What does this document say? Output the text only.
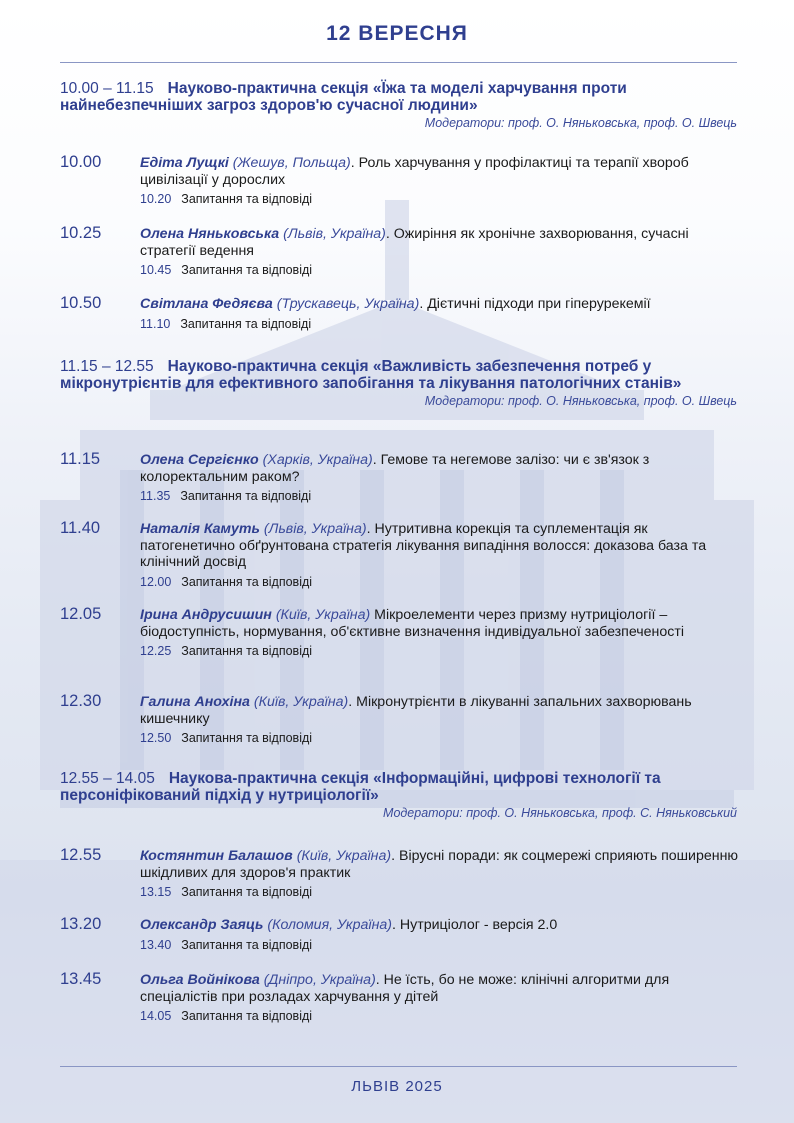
12 ВЕРЕСНЯ
10.00 – 11.15 Науково-практична секція «Їжа та моделі харчування проти найнебезпечніших загроз здоров'ю сучасної людини»
Модератори: проф. О. Няньковська, проф. О. Швець
10.00	Едіта Лущкі (Жешув, Польща). Роль харчування у профілактиці та терапії хвороб цивілізації у дорослих
10.20 Запитання та відповіді
10.25	Олена Няньковська (Львів, Україна). Ожиріння як хронічне захворювання, сучасні стратегії ведення
10.45 Запитання та відповіді
10.50	Світлана Федяєва (Трускавець, Україна). Дієтичні підходи при гіперурекемії
11.10 Запитання та відповіді
11.15 – 12.55 Науково-практична секція «Важливість забезпечення потреб у мікронутрієнтів для ефективного запобігання та лікування патологічних станів»
Модератори: проф. О. Няньковська, проф. О. Швець
11.15	Олена Сергієнко (Харків, Україна). Гемове та негемове залізо: чи є зв'язок з колоректальним раком?
11.35 Запитання та відповіді
11.40	Наталія Камуть (Львів, Україна). Нутритивна корекція та суплементація як патогенетично обґрунтована стратегія лікування випадіння волосся: доказова база та клінічний досвід
12.00 Запитання та відповіді
12.05	Ірина Андрусишин (Київ, Україна) Мікроелементи через призму нутриціології – біодоступність, нормування, об'єктивне визначення індивідуальної забезпеченості
12.25 Запитання та відповіді
12.30	Галина Анохіна (Київ, Україна). Мікронутрієнти в лікуванні запальних захворювань кишечнику
12.50 Запитання та відповіді
12.55 – 14.05 Наукова-практична секція «Інформаційні, цифрові технології та персоніфікований підхід у нутриціології»
Модератори: проф. О. Няньковська, проф. С. Няньковський
12.55	Костянтин Балашов (Київ, Україна). Вірусні поради: як соцмережі сприяють поширенню шкідливих для здоров'я практик
13.15 Запитання та відповіді
13.20	Олександр Заяць (Коломия, Україна). Нутриціолог - версія 2.0
13.40 Запитання та відповіді
13.45	Ольга Войнікова (Дніпро, Україна). Не їсть, бо не може: клінічні алгоритми для спеціалістів при розладах харчування у дітей
14.05 Запитання та відповіді
ЛЬВІВ 2025
